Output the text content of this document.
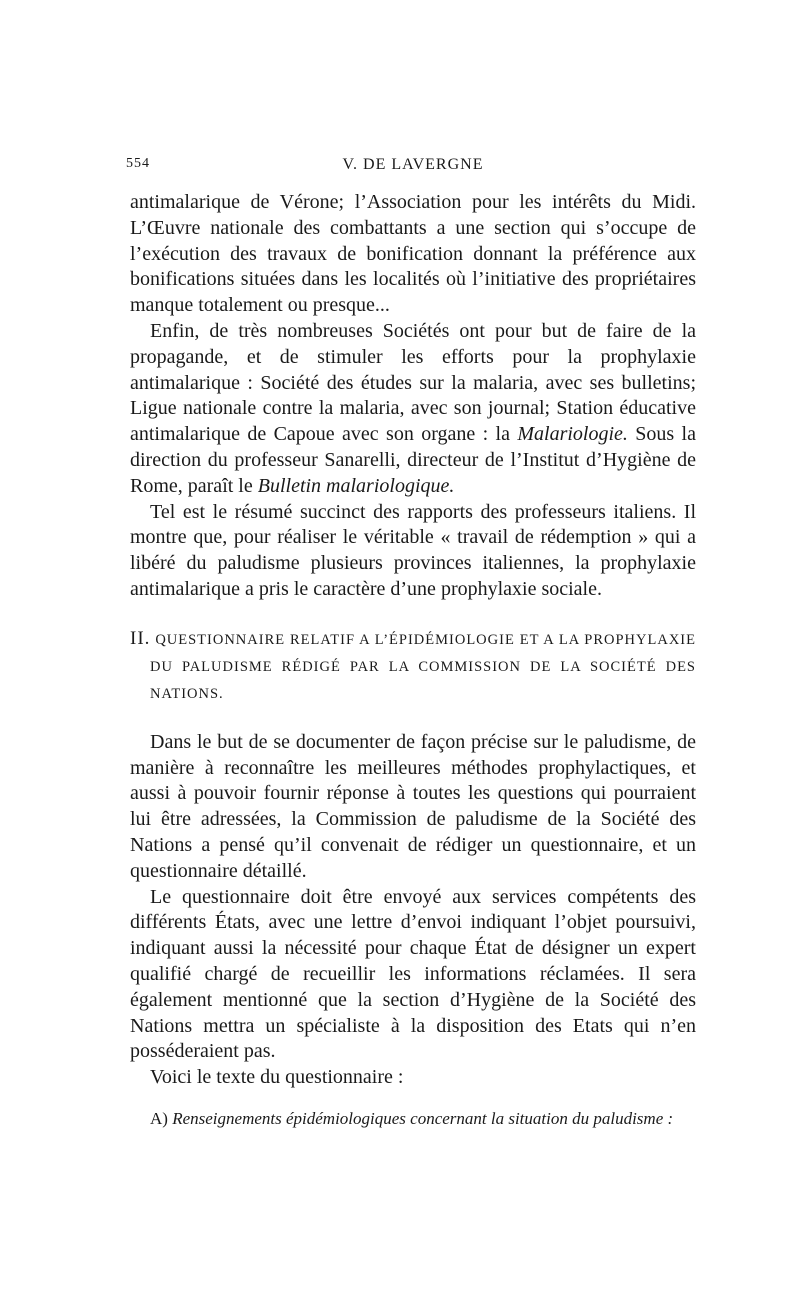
554	V. DE LAVERGNE

antimalarique de Vérone; l’Association pour les intérêts du Midi. L’Œuvre nationale des combattants a une section qui s’occupe de l’exécution des travaux de bonification donnant la préférence aux bonifications situées dans les localités où l’initiative des propriétaires manque totalement ou presque...

Enfin, de très nombreuses Sociétés ont pour but de faire de la propagande, et de stimuler les efforts pour la prophylaxie antimalarique : Société des études sur la malaria, avec ses bulletins; Ligue nationale contre la malaria, avec son journal; Station éducative antimalarique de Capoue avec son organe : la Malariologie. Sous la direction du professeur Sanarelli, directeur de l’Institut d’Hygiène de Rome, paraît le Bulletin malariologique.

Tel est le résumé succinct des rapports des professeurs italiens. Il montre que, pour réaliser le véritable « travail de rédemption » qui a libéré du paludisme plusieurs provinces italiennes, la prophylaxie antimalarique a pris le caractère d’une prophylaxie sociale.

II. QUESTIONNAIRE RELATIF A L’ÉPIDÉMIOLOGIE ET A LA PROPHYLAXIE DU PALUDISME RÉDIGÉ PAR LA COMMISSION DE LA SOCIÉTÉ DES NATIONS.

Dans le but de se documenter de façon précise sur le paludisme, de manière à reconnaître les meilleures méthodes prophylactiques, et aussi à pouvoir fournir réponse à toutes les questions qui pourraient lui être adressées, la Commission de paludisme de la Société des Nations a pensé qu’il convenait de rédiger un questionnaire, et un questionnaire détaillé.

Le questionnaire doit être envoyé aux services compétents des différents États, avec une lettre d’envoi indiquant l’objet poursuivi, indiquant aussi la nécessité pour chaque État de désigner un expert qualifié chargé de recueillir les informations réclamées. Il sera également mentionné que la section d’Hygiène de la Société des Nations mettra un spécialiste à la disposition des Etats qui n’en posséderaient pas.

Voici le texte du questionnaire :

A) Renseignements épidémiologiques concernant la situation du paludisme :
